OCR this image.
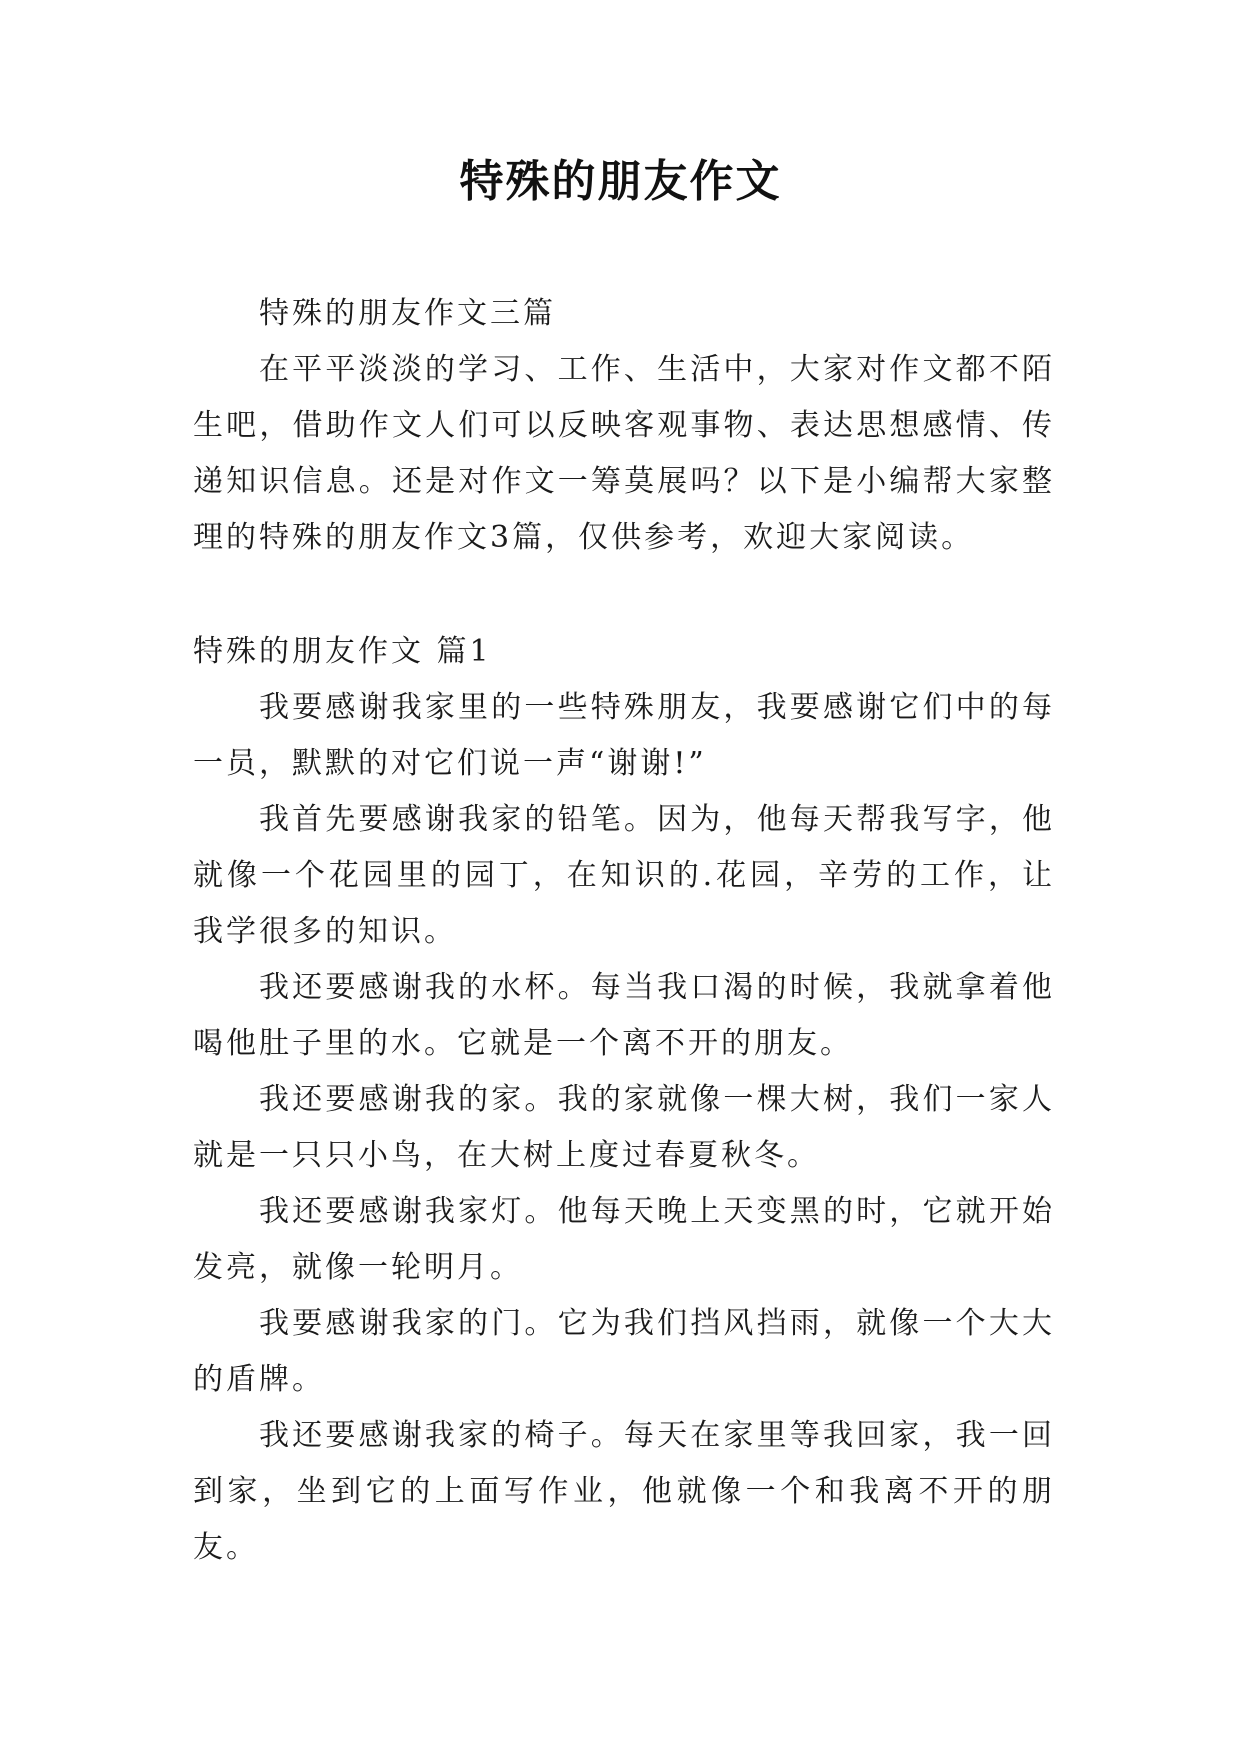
特殊的朋友作文

特殊的朋友作文三篇

在平平淡淡的学习、工作、生活中，大家对作文都不陌生吧，借助作文人们可以反映客观事物、表达思想感情、传递知识信息。还是对作文一筹莫展吗？以下是小编帮大家整理的特殊的朋友作文3篇，仅供参考，欢迎大家阅读。

特殊的朋友作文 篇1

我要感谢我家里的一些特殊朋友，我要感谢它们中的每一员，默默的对它们说一声“谢谢!”

我首先要感谢我家的铅笔。因为，他每天帮我写字，他就像一个花园里的园丁，在知识的.花园，辛劳的工作，让我学很多的知识。

我还要感谢我的水杯。每当我口渴的时候，我就拿着他喝他肚子里的水。它就是一个离不开的朋友。

我还要感谢我的家。我的家就像一棵大树，我们一家人就是一只只小鸟，在大树上度过春夏秋冬。

我还要感谢我家灯。他每天晚上天变黑的时，它就开始发亮，就像一轮明月。

我要感谢我家的门。它为我们挡风挡雨，就像一个大大的盾牌。

我还要感谢我家的椅子。每天在家里等我回家，我一回到家，坐到它的上面写作业，他就像一个和我离不开的朋友。
